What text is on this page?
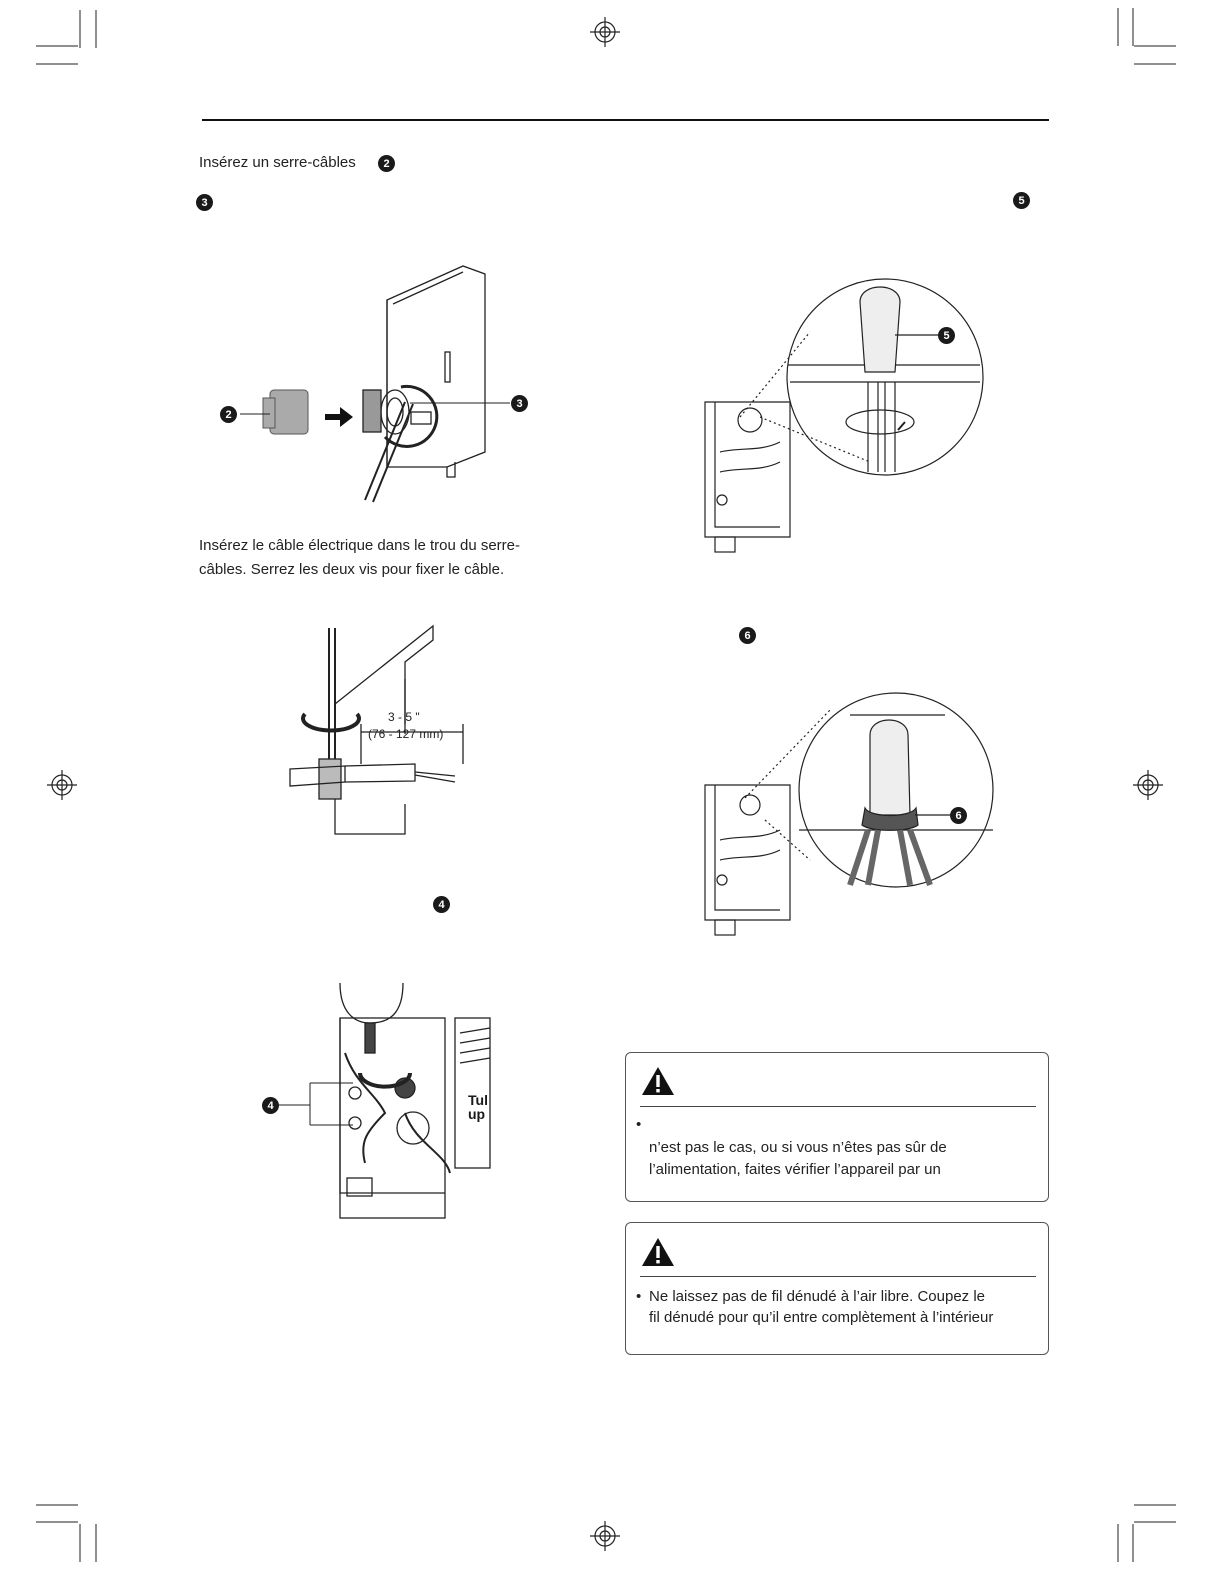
Insérez un serre-câbles	2
3	5
Insérez le câble électrique dans le trou du serre-
câbles. Serrez les deux vis pour fixer le câble.
4
6
2
3
3 - 5 "
(76 - 127 mm)
Tul
up
4
5
6
•
n’est pas le cas, ou si vous n’êtes pas sûr de
l’alimentation, faites vérifier l’appareil par un
• Ne laissez pas de fil dénudé à l’air libre. Coupez le
fil dénudé pour qu’il entre complètement à l’intérieur
